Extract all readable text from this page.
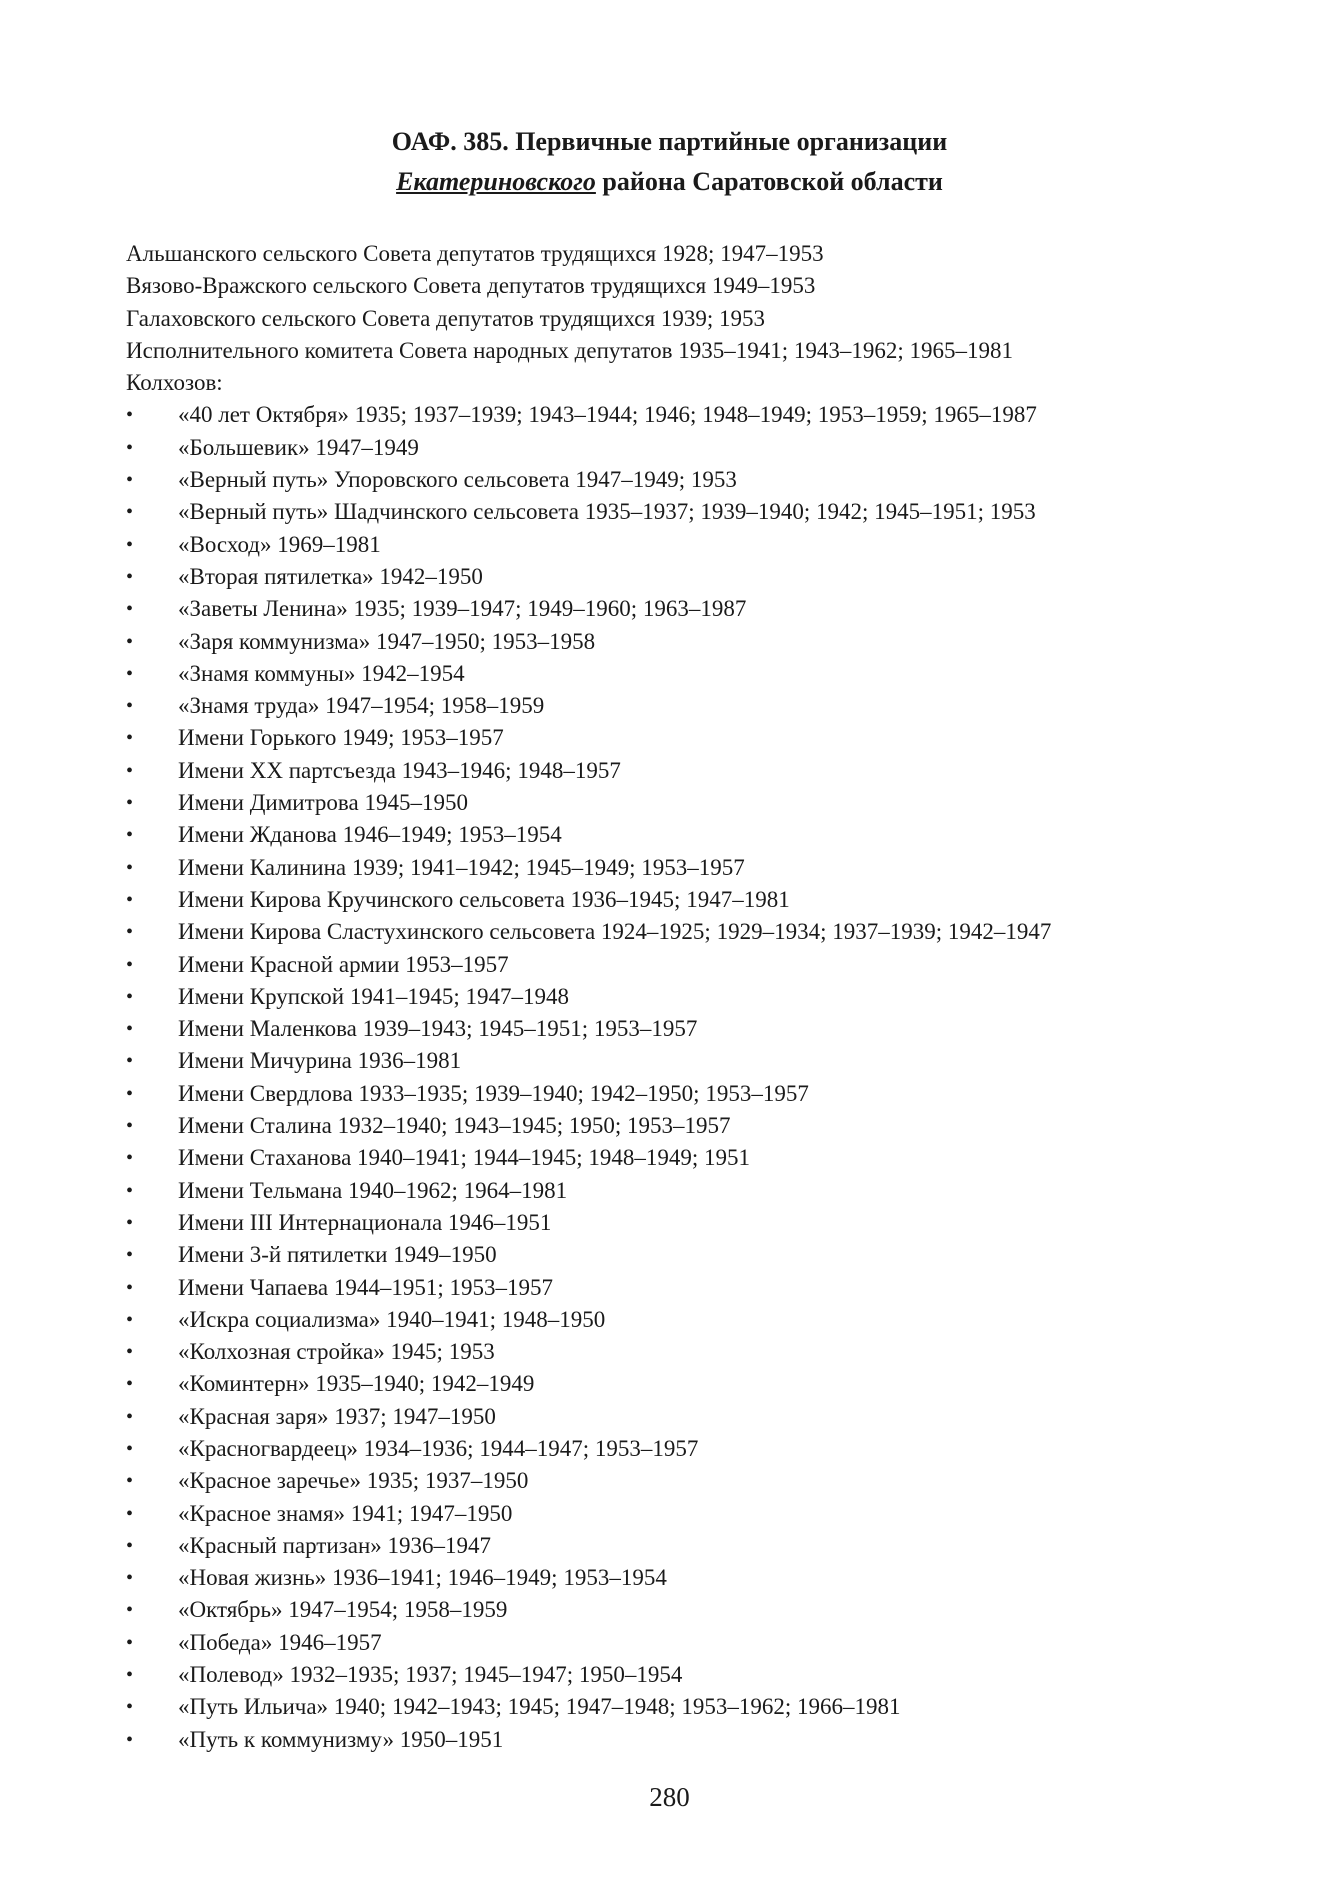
ОАФ. 385. Первичные партийные организации
Екатериновского района Саратовской области
Альшанского сельского Совета депутатов трудящихся 1928; 1947–1953
Вязово-Вражского сельского Совета депутатов трудящихся 1949–1953
Галаховского сельского Совета депутатов трудящихся 1939; 1953
Исполнительного комитета Совета народных депутатов 1935–1941; 1943–1962; 1965–1981
Колхозов:
• «40 лет Октября» 1935; 1937–1939; 1943–1944; 1946; 1948–1949; 1953–1959; 1965–1987
• «Большевик» 1947–1949
• «Верный путь» Упоровского сельсовета 1947–1949; 1953
• «Верный путь» Шадчинского сельсовета 1935–1937; 1939–1940; 1942; 1945–1951; 1953
• «Восход» 1969–1981
• «Вторая пятилетка» 1942–1950
• «Заветы Ленина» 1935; 1939–1947; 1949–1960; 1963–1987
• «Заря коммунизма» 1947–1950; 1953–1958
• «Знамя коммуны» 1942–1954
• «Знамя труда» 1947–1954; 1958–1959
• Имени Горького 1949; 1953–1957
• Имени XX партсъезда 1943–1946; 1948–1957
• Имени Димитрова 1945–1950
• Имени Жданова 1946–1949; 1953–1954
• Имени Калинина 1939; 1941–1942; 1945–1949; 1953–1957
• Имени Кирова Кручинского сельсовета 1936–1945; 1947–1981
• Имени Кирова Сластухинского сельсовета 1924–1925; 1929–1934; 1937–1939; 1942–1947
• Имени Красной армии 1953–1957
• Имени Крупской 1941–1945; 1947–1948
• Имени Маленкова 1939–1943; 1945–1951; 1953–1957
• Имени Мичурина 1936–1981
• Имени Свердлова 1933–1935; 1939–1940; 1942–1950; 1953–1957
• Имени Сталина 1932–1940; 1943–1945; 1950; 1953–1957
• Имени Стаханова 1940–1941; 1944–1945; 1948–1949; 1951
• Имени Тельмана 1940–1962; 1964–1981
• Имени III Интернационала 1946–1951
• Имени 3-й пятилетки 1949–1950
• Имени Чапаева 1944–1951; 1953–1957
• «Искра социализма» 1940–1941; 1948–1950
• «Колхозная стройка» 1945; 1953
• «Коминтерн» 1935–1940; 1942–1949
• «Красная заря» 1937; 1947–1950
• «Красногвардеец» 1934–1936; 1944–1947; 1953–1957
• «Красное заречье» 1935; 1937–1950
• «Красное знамя» 1941; 1947–1950
• «Красный партизан» 1936–1947
• «Новая жизнь» 1936–1941; 1946–1949; 1953–1954
• «Октябрь» 1947–1954; 1958–1959
• «Победа» 1946–1957
• «Полевод» 1932–1935; 1937; 1945–1947; 1950–1954
• «Путь Ильича» 1940; 1942–1943; 1945; 1947–1948; 1953–1962; 1966–1981
• «Путь к коммунизму» 1950–1951
280
